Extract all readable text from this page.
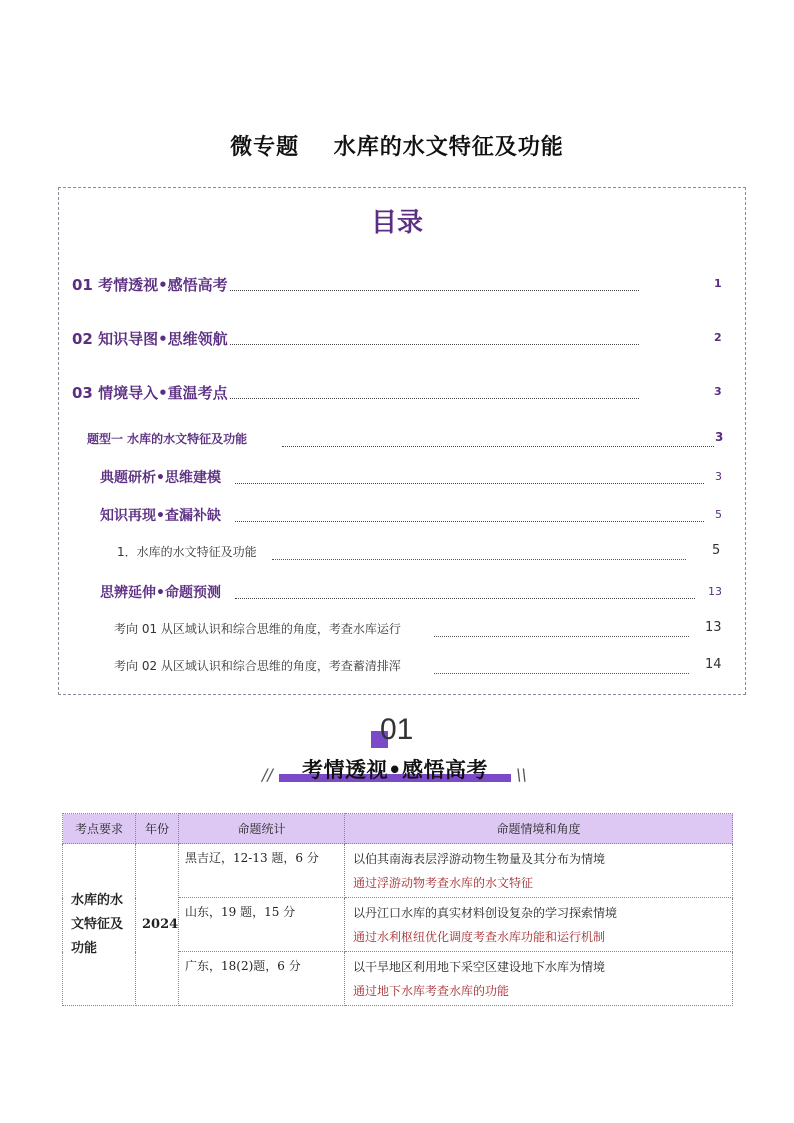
微专题    水库的水文特征及功能
目录
01 考情透视•感悟高考	1
02 知识导图•思维领航	2
03 情境导入•重温考点	3
题型一 水库的水文特征及功能	3
典题研析•思维建模	3
知识再现•查漏补缺	5
1．水库的水文特征及功能	5
思辨延伸•命题预测	13
考向 01 从区域认识和综合思维的角度，考查水库运行	13
考向 02 从区域认识和综合思维的角度，考查蓄清排浑	14
01
//	考情透视•感悟高考	\\
考点要求	年份	命题统计	命题情境和角度
水库的水文特征及功能	2024	黑吉辽，12-13 题，6 分	以伯其南海表层浮游动物生物量及其分布为情境
通过浮游动物考查水库的水文特征

		山东，19 题，15 分	以丹江口水库的真实材料创设复杂的学习探索情境
通过水利枢纽优化调度考查水库功能和运行机制

		广东，18(2)题，6 分	以干旱地区利用地下采空区建设地下水库为情境
通过地下水库考查水库的功能
